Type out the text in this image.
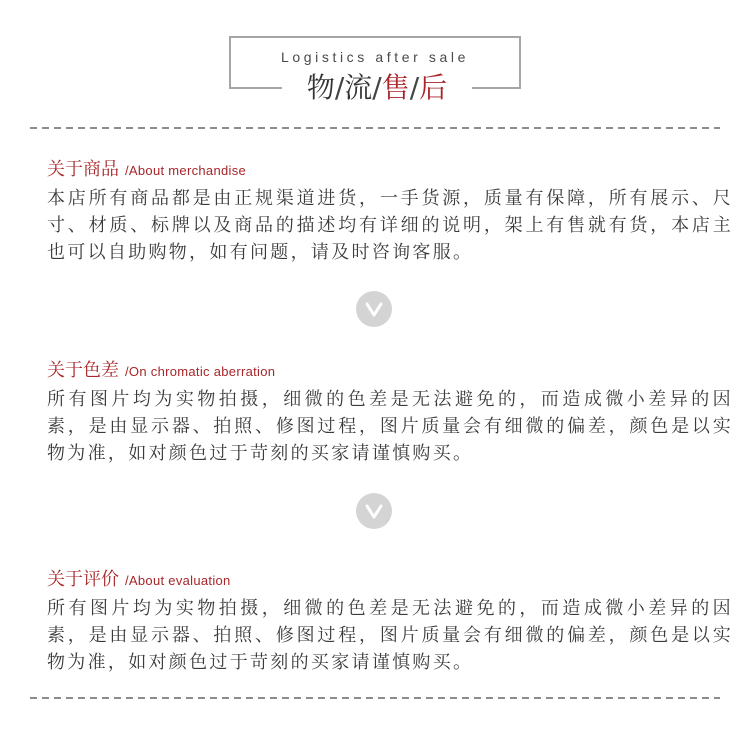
Logistics after sale
物/流/售/后
关于商品 /About merchandise
本店所有商品都是由正规渠道进货，一手货源，质量有保障，所有展示、尺寸、材质、标牌以及商品的描述均有详细的说明，架上有售就有货，本店主也可以自助购物，如有问题，请及时咨询客服。
关于色差 /On chromatic aberration
所有图片均为实物拍摄，细微的色差是无法避免的，而造成微小差异的因素，是由显示器、拍照、修图过程，图片质量会有细微的偏差，颜色是以实物为准，如对颜色过于苛刻的买家请谨慎购买。
关于评价 /About evaluation
所有图片均为实物拍摄，细微的色差是无法避免的，而造成微小差异的因素，是由显示器、拍照、修图过程，图片质量会有细微的偏差，颜色是以实物为准，如对颜色过于苛刻的买家请谨慎购买。
